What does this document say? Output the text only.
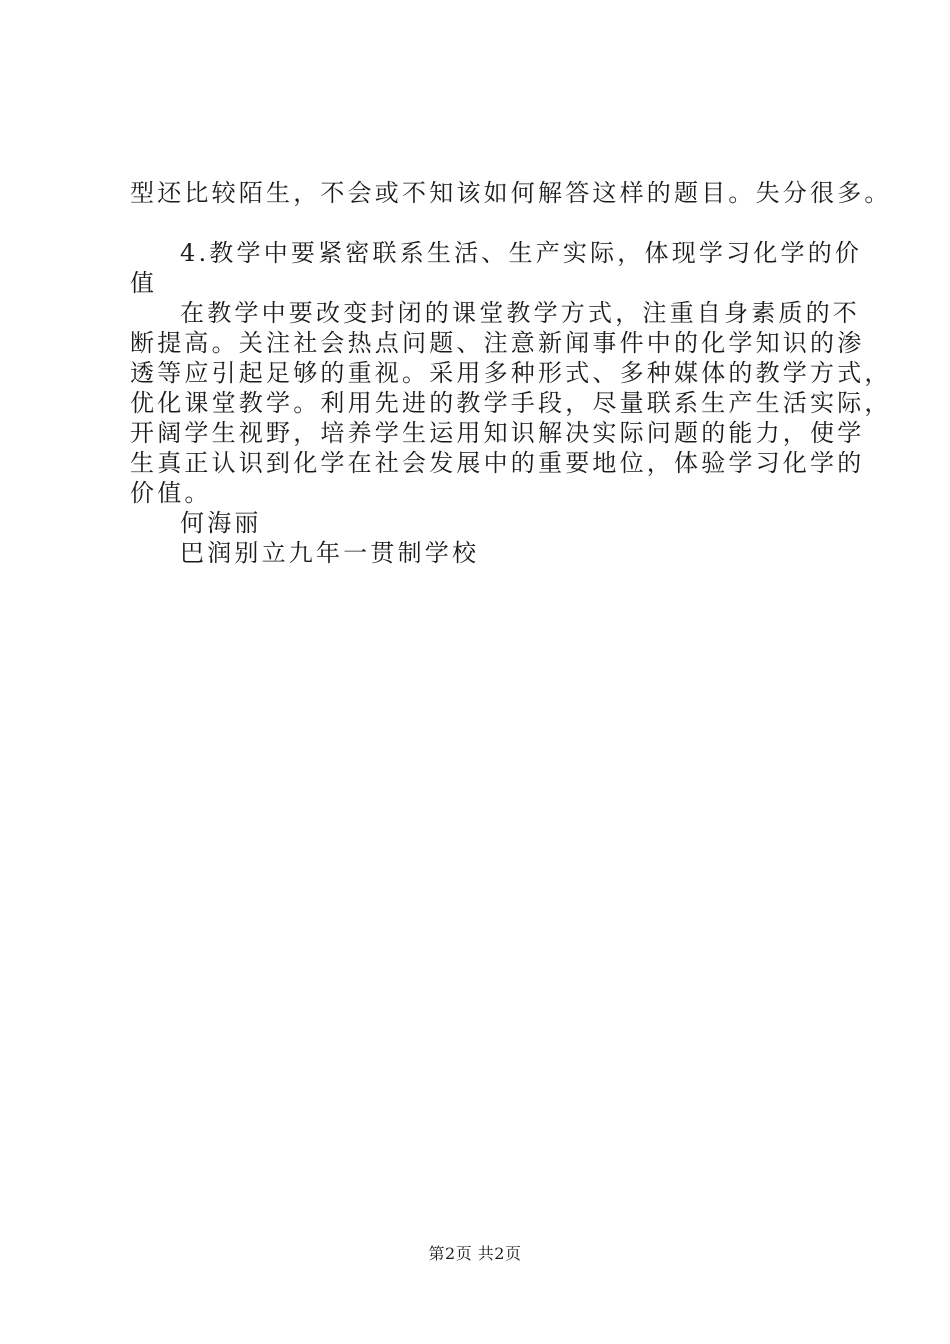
型还比较陌生，不会或不知该如何解答这样的题目。失分很多。
4.教学中要紧密联系生活、生产实际，体现学习化学的价
值
在教学中要改变封闭的课堂教学方式，注重自身素质的不
断提高。关注社会热点问题、注意新闻事件中的化学知识的渗
透等应引起足够的重视。采用多种形式、多种媒体的教学方式，
优化课堂教学。利用先进的教学手段，尽量联系生产生活实际，
开阔学生视野，培养学生运用知识解决实际问题的能力，使学
生真正认识到化学在社会发展中的重要地位，体验学习化学的
价值。
何海丽
巴润别立九年一贯制学校
第2页 共2页
